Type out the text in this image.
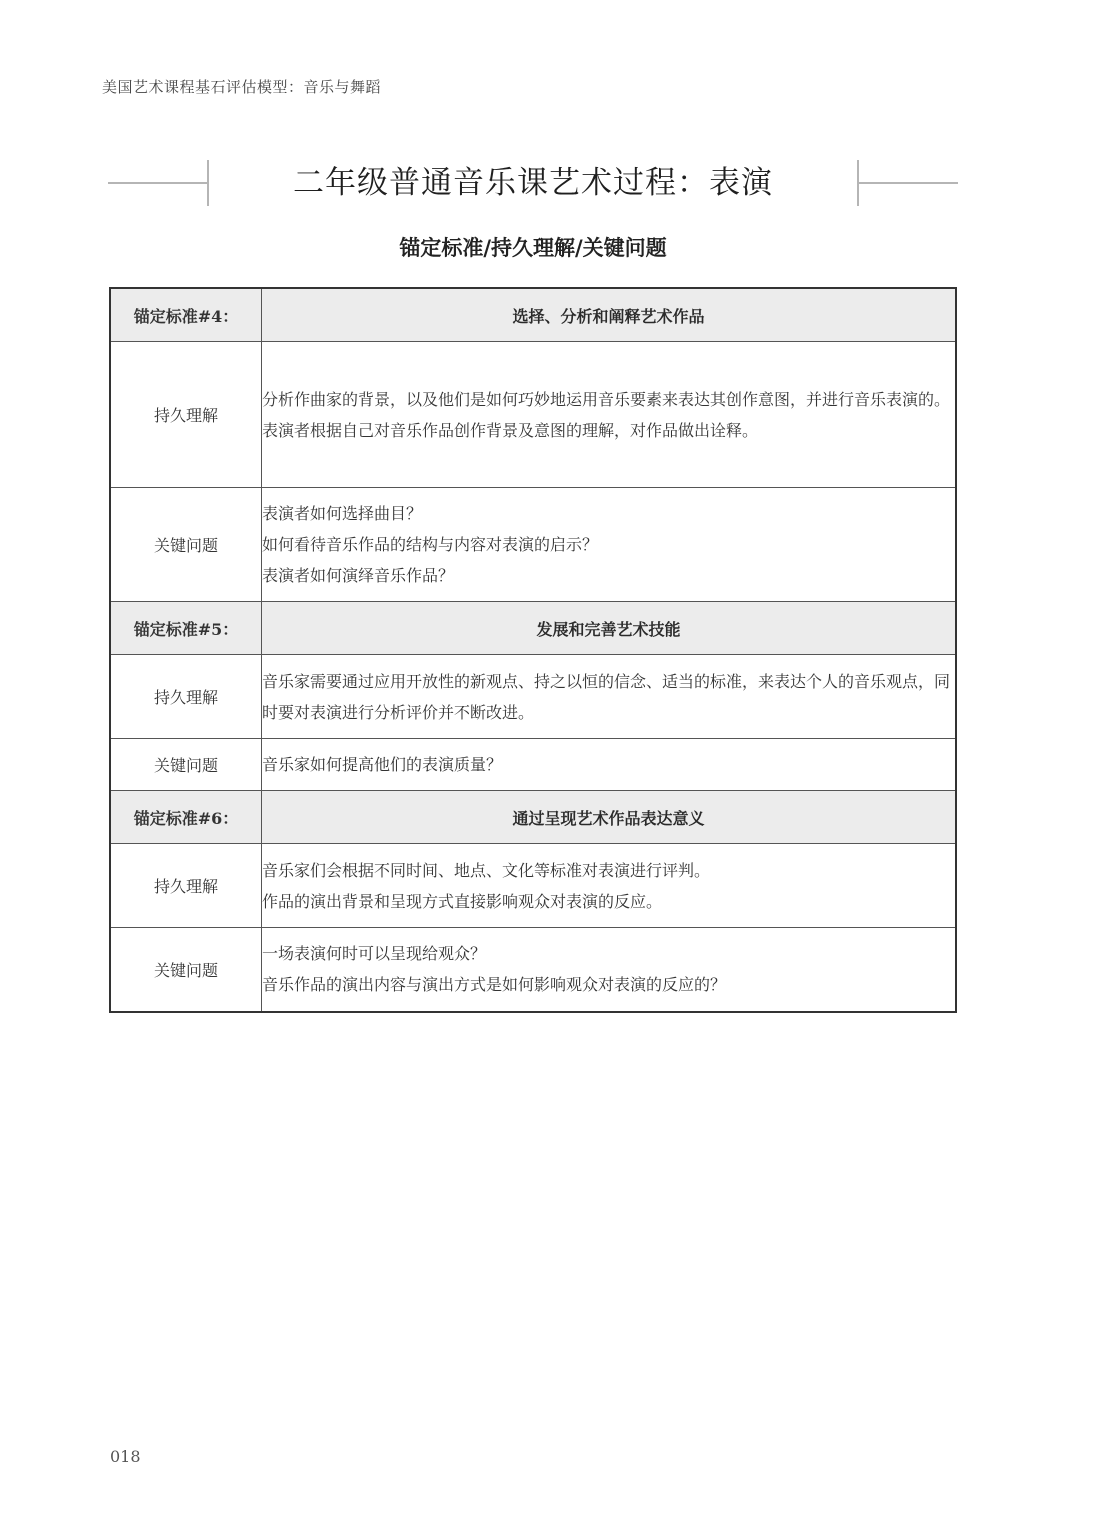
美国艺术课程基石评估模型：音乐与舞蹈
二年级普通音乐课艺术过程：表演
锚定标准/持久理解/关键问题
锚定标准#4：	选择、分析和阐释艺术作品
持久理解	分析作曲家的背景，以及他们是如何巧妙地运用音乐要素来表达其创作意图，并进行音乐表演的。
表演者根据自己对音乐作品创作背景及意图的理解，对作品做出诠释。

关键问题	表演者如何选择曲目？
如何看待音乐作品的结构与内容对表演的启示？
表演者如何演绎音乐作品？

锚定标准#5：	发展和完善艺术技能
持久理解	音乐家需要通过应用开放性的新观点、持之以恒的信念、适当的标准，来表达个人的音乐观点，同时要对表演进行分析评价并不断改进。

关键问题	音乐家如何提高他们的表演质量？

锚定标准#6：	通过呈现艺术作品表达意义
持久理解	音乐家们会根据不同时间、地点、文化等标准对表演进行评判。
作品的演出背景和呈现方式直接影响观众对表演的反应。

关键问题	一场表演何时可以呈现给观众？
音乐作品的演出内容与演出方式是如何影响观众对表演的反应的？
018
